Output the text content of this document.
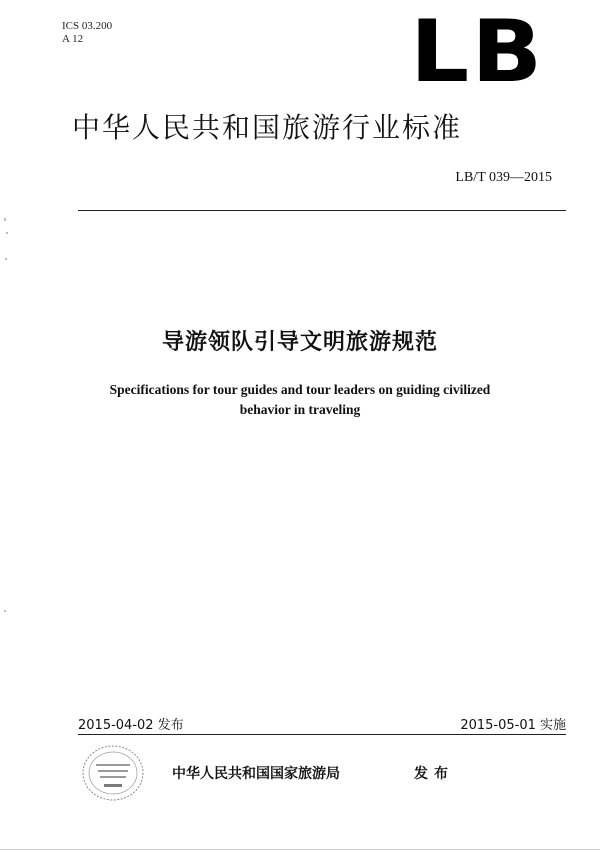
ICS 03.200
A 12	LB
中华人民共和国旅游行业标准
LB/T 039—2015
导游领队引导文明旅游规范
Specifications for tour guides and tour leaders on guiding civilized
behavior in traveling
2015-04-02 发布	2015-05-01 实施
中华人民共和国国家旅游局	发布
